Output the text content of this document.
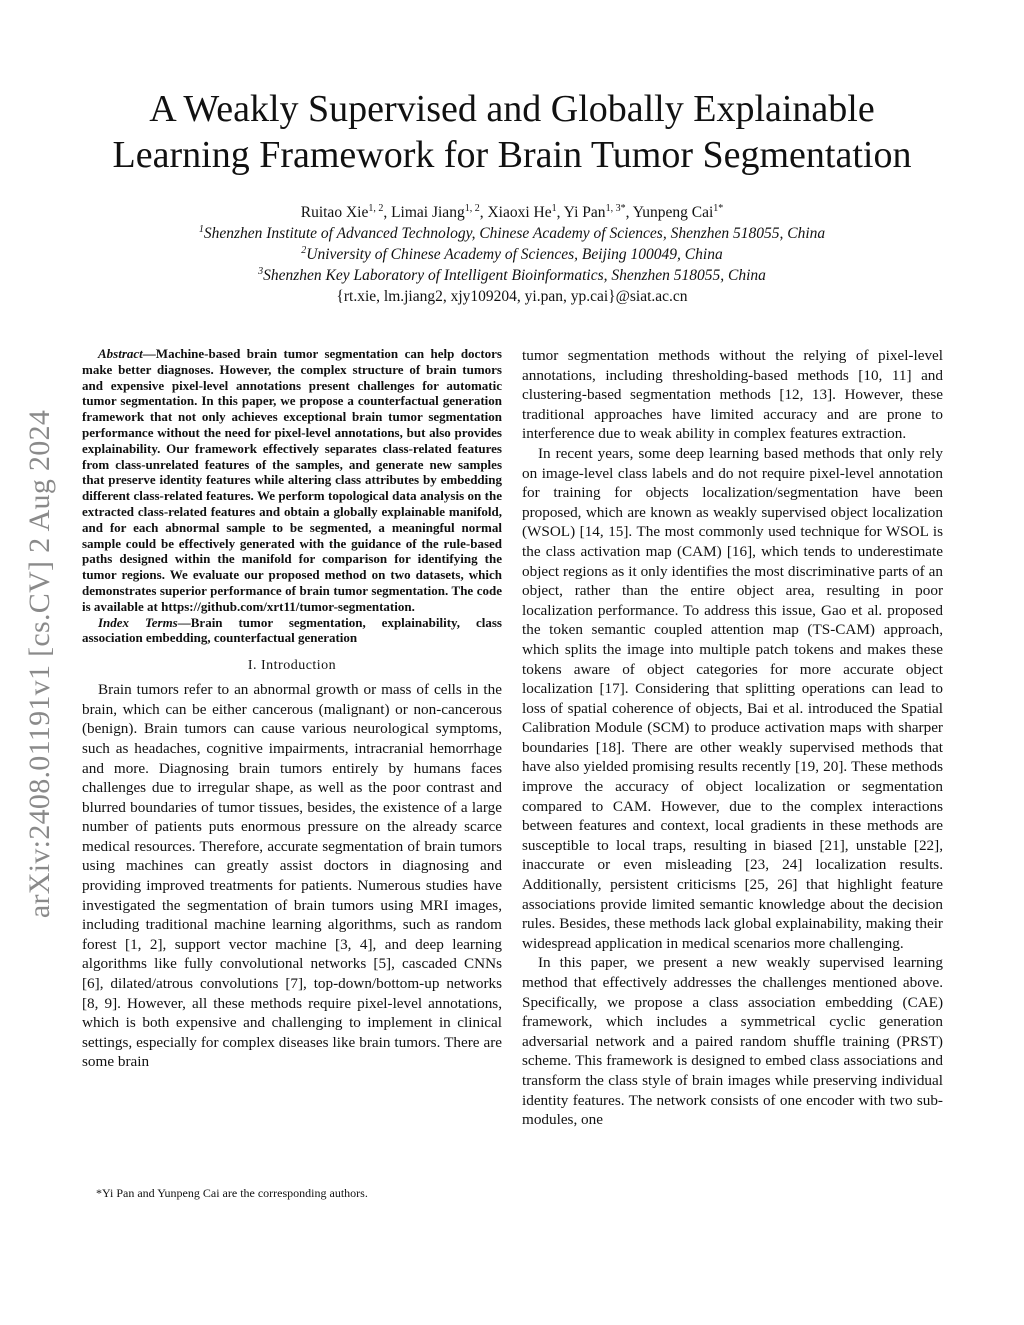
A Weakly Supervised and Globally Explainable
Learning Framework for Brain Tumor Segmentation
Ruitao Xie$^{1, 2}$, Limai Jiang$^{1, 2}$, Xiaoxi He$^1$, Yi Pan$^{1, 3*}$, Yunpeng Cai$^{1*}$
$^1$Shenzhen Institute of Advanced Technology, Chinese Academy of Sciences, Shenzhen 518055, China
$^2$University of Chinese Academy of Sciences, Beijing 100049, China
$^3$Shenzhen Key Laboratory of Intelligent Bioinformatics, Shenzhen 518055, China
{rt.xie, lm.jiang2, xjy109204, yi.pan, yp.cai}@siat.ac.cn
arXiv:2408.01191v1 [cs.CV] 2 Aug 2024

Abstract—Machine-based brain tumor segmentation can help doctors make better diagnoses. However, the complex structure of brain tumors and expensive pixel-level annotations present challenges for automatic tumor segmentation. In this paper, we propose a counterfactual generation framework that not only achieves exceptional brain tumor segmentation performance without the need for pixel-level annotations, but also provides explainability. Our framework effectively separates class-related features from class-unrelated features of the samples, and generate new samples that preserve identity features while altering class attributes by embedding different class-related features. We perform topological data analysis on the extracted class-related features and obtain a globally explainable manifold, and for each abnormal sample to be segmented, a meaningful normal sample could be effectively generated with the guidance of the rule-based paths designed within the manifold for comparison for identifying the tumor regions. We evaluate our proposed method on two datasets, which demonstrates superior performance of brain tumor segmentation. The code is available at https://github.com/xrt11/tumor-segmentation.

Index Terms—Brain tumor segmentation, explainability, class association embedding, counterfactual generation

I. Introduction

Brain tumors refer to an abnormal growth or mass of cells in the brain, which can be either cancerous (malignant) or non-cancerous (benign). Brain tumors can cause various neurological symptoms, such as headaches, cognitive impairments, intracranial hemorrhage and more. Diagnosing brain tumors entirely by humans faces challenges due to irregular shape, as well as the poor contrast and blurred boundaries of tumor tissues, besides, the existence of a large number of patients puts enormous pressure on the already scarce medical resources. Therefore, accurate segmentation of brain tumors using machines can greatly assist doctors in diagnosing and providing improved treatments for patients. Numerous studies have investigated the segmentation of brain tumors using MRI images, including traditional machine learning algorithms, such as random forest [1, 2], support vector machine [3, 4], and deep learning algorithms like fully convolutional networks [5], cascaded CNNs [6], dilated/atrous convolutions [7], top-down/bottom-up networks [8, 9]. However, all these methods require pixel-level annotations, which is both expensive and challenging to implement in clinical settings, especially for complex diseases like brain tumors. There are some brain

*Yi Pan and Yunpeng Cai are the corresponding authors.

tumor segmentation methods without the relying of pixel-level annotations, including thresholding-based methods [10, 11] and clustering-based segmentation methods [12, 13]. However, these traditional approaches have limited accuracy and are prone to interference due to weak ability in complex features extraction.

In recent years, some deep learning based methods that only rely on image-level class labels and do not require pixel-level annotation for training for objects localization/segmentation have been proposed, which are known as weakly supervised object localization (WSOL) [14, 15]. The most commonly used technique for WSOL is the class activation map (CAM) [16], which tends to underestimate object regions as it only identifies the most discriminative parts of an object, rather than the entire object area, resulting in poor localization performance. To address this issue, Gao et al. proposed the token semantic coupled attention map (TS-CAM) approach, which splits the image into multiple patch tokens and makes these tokens aware of object categories for more accurate object localization [17]. Considering that splitting operations can lead to loss of spatial coherence of objects, Bai et al. introduced the Spatial Calibration Module (SCM) to produce activation maps with sharper boundaries [18]. There are other weakly supervised methods that have also yielded promising results recently [19, 20]. These methods improve the accuracy of object localization or segmentation compared to CAM. However, due to the complex interactions between features and context, local gradients in these methods are susceptible to local traps, resulting in biased [21], unstable [22], inaccurate or even misleading [23, 24] localization results. Additionally, persistent criticisms [25, 26] that highlight feature associations provide limited semantic knowledge about the decision rules. Besides, these methods lack global explainability, making their widespread application in medical scenarios more challenging.

In this paper, we present a new weakly supervised learning method that effectively addresses the challenges mentioned above. Specifically, we propose a class association embedding (CAE) framework, which includes a symmetrical cyclic generation adversarial network and a paired random shuffle training (PRST) scheme. This framework is designed to embed class associations and transform the class style of brain images while preserving individual identity features. The network consists of one encoder with two sub-modules, one
